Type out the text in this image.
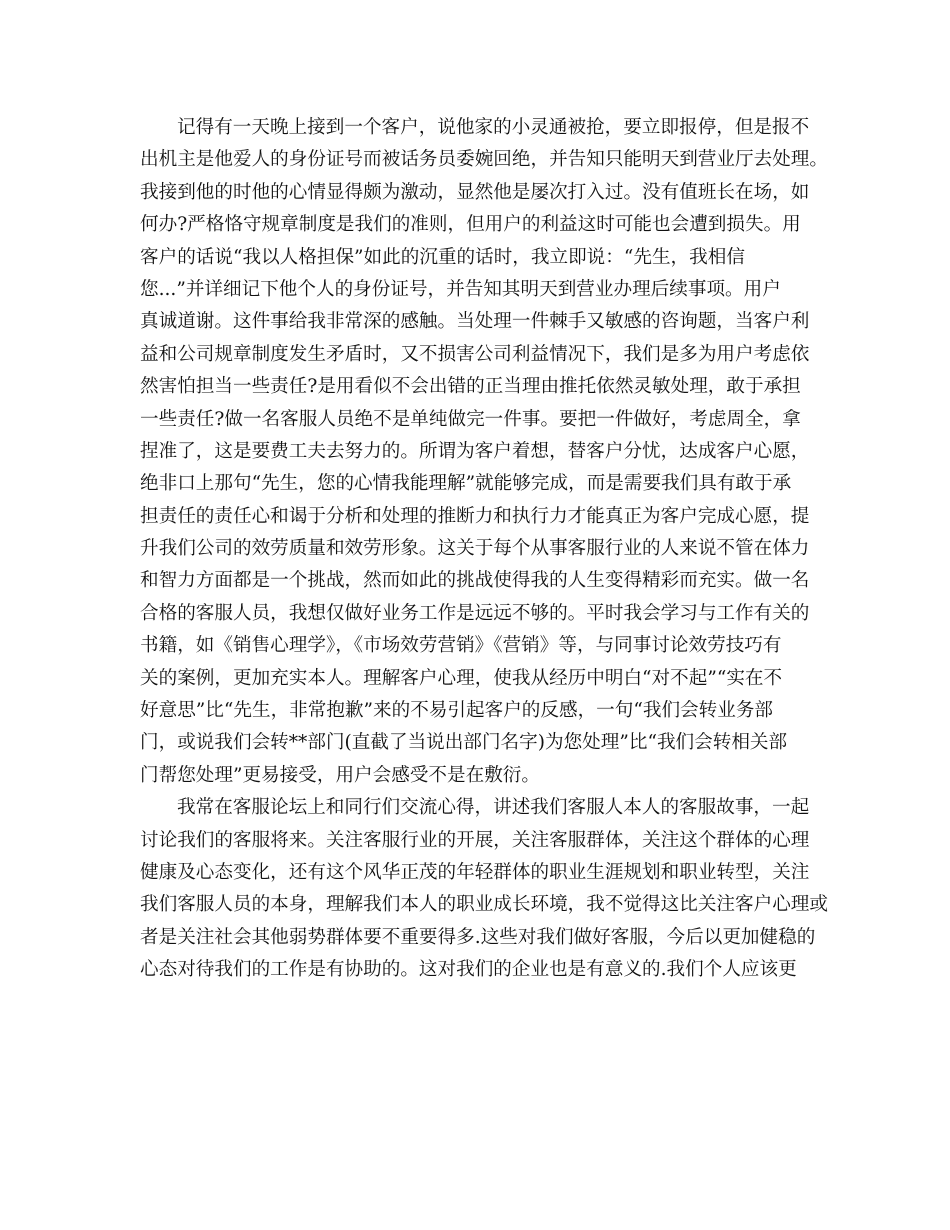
记得有一天晚上接到一个客户，说他家的小灵通被抢，要立即报停，但是报不
出机主是他爱人的身份证号而被话务员委婉回绝，并告知只能明天到营业厅去处理。
我接到他的时他的心情显得颇为激动，显然他是屡次打入过。没有值班长在场，如
何办?严格恪守规章制度是我们的准则，但用户的利益这时可能也会遭到损失。用
客户的话说“我以人格担保”如此的沉重的话时，我立即说：“先生，我相信
您...”并详细记下他个人的身份证号，并告知其明天到营业办理后续事项。用户
真诚道谢。这件事给我非常深的感触。当处理一件棘手又敏感的咨询题，当客户利
益和公司规章制度发生矛盾时，又不损害公司利益情况下，我们是多为用户考虑依
然害怕担当一些责任?是用看似不会出错的正当理由推托依然灵敏处理，敢于承担
一些责任?做一名客服人员绝不是单纯做完一件事。要把一件做好，考虑周全，拿
捏准了，这是要费工夫去努力的。所谓为客户着想，替客户分忧，达成客户心愿，
绝非口上那句“先生，您的心情我能理解”就能够完成，而是需要我们具有敢于承
担责任的责任心和谒于分析和处理的推断力和执行力才能真正为客户完成心愿，提
升我们公司的效劳质量和效劳形象。这关于每个从事客服行业的人来说不管在体力
和智力方面都是一个挑战，然而如此的挑战使得我的人生变得精彩而充实。做一名
合格的客服人员，我想仅做好业务工作是远远不够的。平时我会学习与工作有关的
书籍，如《销售心理学》，《市场效劳营销》《营销》等，与同事讨论效劳技巧有
关的案例，更加充实本人。理解客户心理，使我从经历中明白“对不起”“实在不
好意思”比“先生，非常抱歉”来的不易引起客户的反感，一句“我们会转业务部
门，或说我们会转**部门(直截了当说出部门名字)为您处理”比“我们会转相关部
门帮您处理”更易接受，用户会感受不是在敷衍。
我常在客服论坛上和同行们交流心得，讲述我们客服人本人的客服故事，一起
讨论我们的客服将来。关注客服行业的开展，关注客服群体，关注这个群体的心理
健康及心态变化，还有这个风华正茂的年轻群体的职业生涯规划和职业转型，关注
我们客服人员的本身，理解我们本人的职业成长环境，我不觉得这比关注客户心理或
者是关注社会其他弱势群体要不重要得多.这些对我们做好客服，今后以更加健稳的
心态对待我们的工作是有协助的。这对我们的企业也是有意义的.我们个人应该更
